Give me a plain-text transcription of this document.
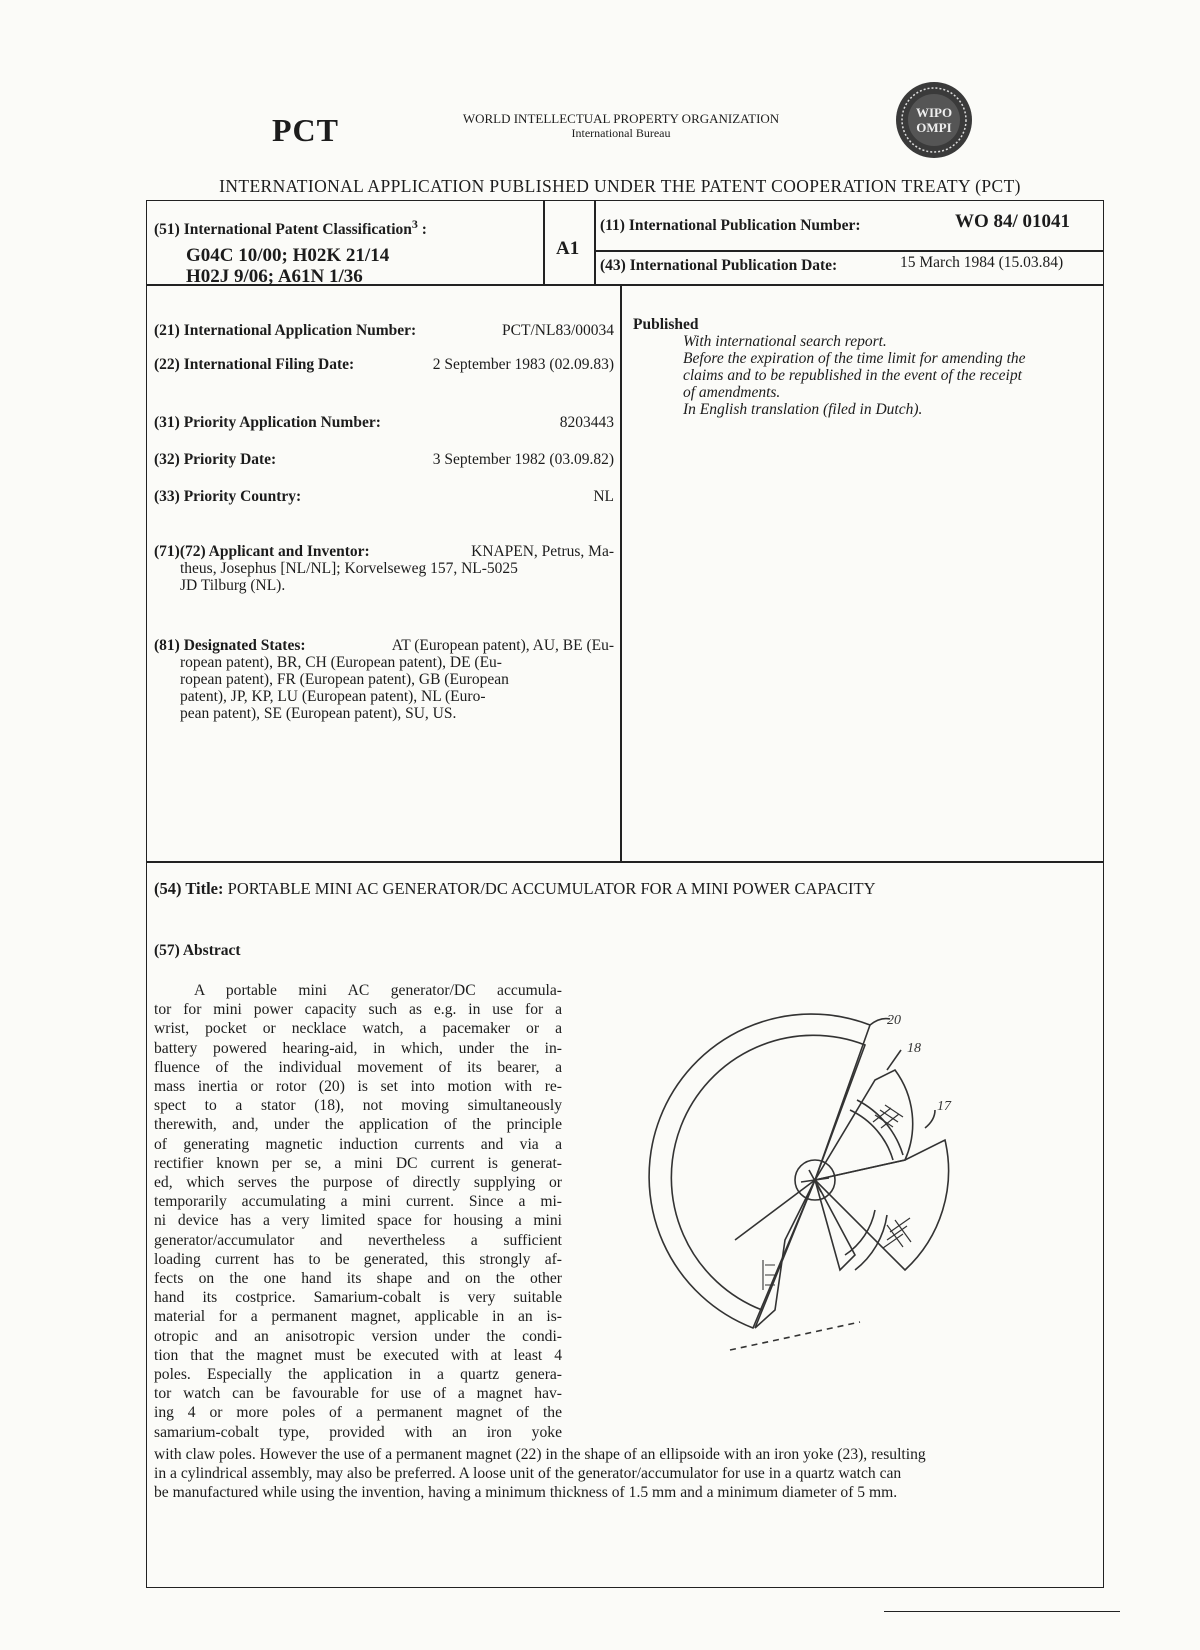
PCT	WORLD INTELLECTUAL PROPERTY ORGANIZATION
International Bureau
WIPO
OMPI
INTERNATIONAL APPLICATION PUBLISHED UNDER THE PATENT COOPERATION TREATY (PCT)
(51) International Patent Classification$^3$ :
G04C 10/00; H02K 21/14
H02J 9/06; A61N 1/36
A1
(11) International Publication Number:	WO 84/ 01041
(43) International Publication Date:	15 March 1984 (15.03.84)
(21) International Application Number:	PCT/NL83/00034
(22) International Filing Date:	2 September 1983 (02.09.83)
(31) Priority Application Number:	8203443
(32) Priority Date:	3 September 1982 (03.09.82)
(33) Priority Country:	NL
(71)(72) Applicant and Inventor:	KNAPEN, Petrus, Ma-
theus, Josephus [NL/NL]; Korvelseweg 157, NL-5025
JD Tilburg (NL).
(81) Designated States:	AT (European patent), AU, BE (Eu-
ropean patent), BR, CH (European patent), DE (Eu-
ropean patent), FR (European patent), GB (European
patent), JP, KP, LU (European patent), NL (Euro-
pean patent), SE (European patent), SU, US.
Published
With international search report.
Before the expiration of the time limit for amending the
claims and to be republished in the event of the receipt
of amendments.
In English translation (filed in Dutch).
(54) Title: PORTABLE MINI AC GENERATOR/DC ACCUMULATOR FOR A MINI POWER CAPACITY
(57) Abstract
A portable mini AC generator/DC accumula-
tor for mini power capacity such as e.g. in use for a
wrist, pocket or necklace watch, a pacemaker or a
battery powered hearing-aid, in which, under the in-
fluence of the individual movement of its bearer, a
mass inertia or rotor (20) is set into motion with re-
spect to a stator (18), not moving simultaneously
therewith, and, under the application of the principle
of generating magnetic induction currents and via a
rectifier known per se, a mini DC current is generat-
ed, which serves the purpose of directly supplying or
temporarily accumulating a mini current. Since a mi-
ni device has a very limited space for housing a mini
generator/accumulator and nevertheless a sufficient
loading current has to be generated, this strongly af-
fects on the one hand its shape and on the other
hand its costprice. Samarium-cobalt is very suitable
material for a permanent magnet, applicable in an is-
otropic and an anisotropic version under the condi-
tion that the magnet must be executed with at least 4
poles. Especially the application in a quartz genera-
tor watch can be favourable for use of a magnet hav-
ing 4 or more poles of a permanent magnet of the
samarium-cobalt type, provided with an iron yoke
with claw poles. However the use of a permanent magnet (22) in the shape of an ellipsoide with an iron yoke (23), resulting
in a cylindrical assembly, may also be preferred. A loose unit of the generator/accumulator for use in a quartz watch can
be manufactured while using the invention, having a minimum thickness of 1.5 mm and a minimum diameter of 5 mm.
20
18
17
